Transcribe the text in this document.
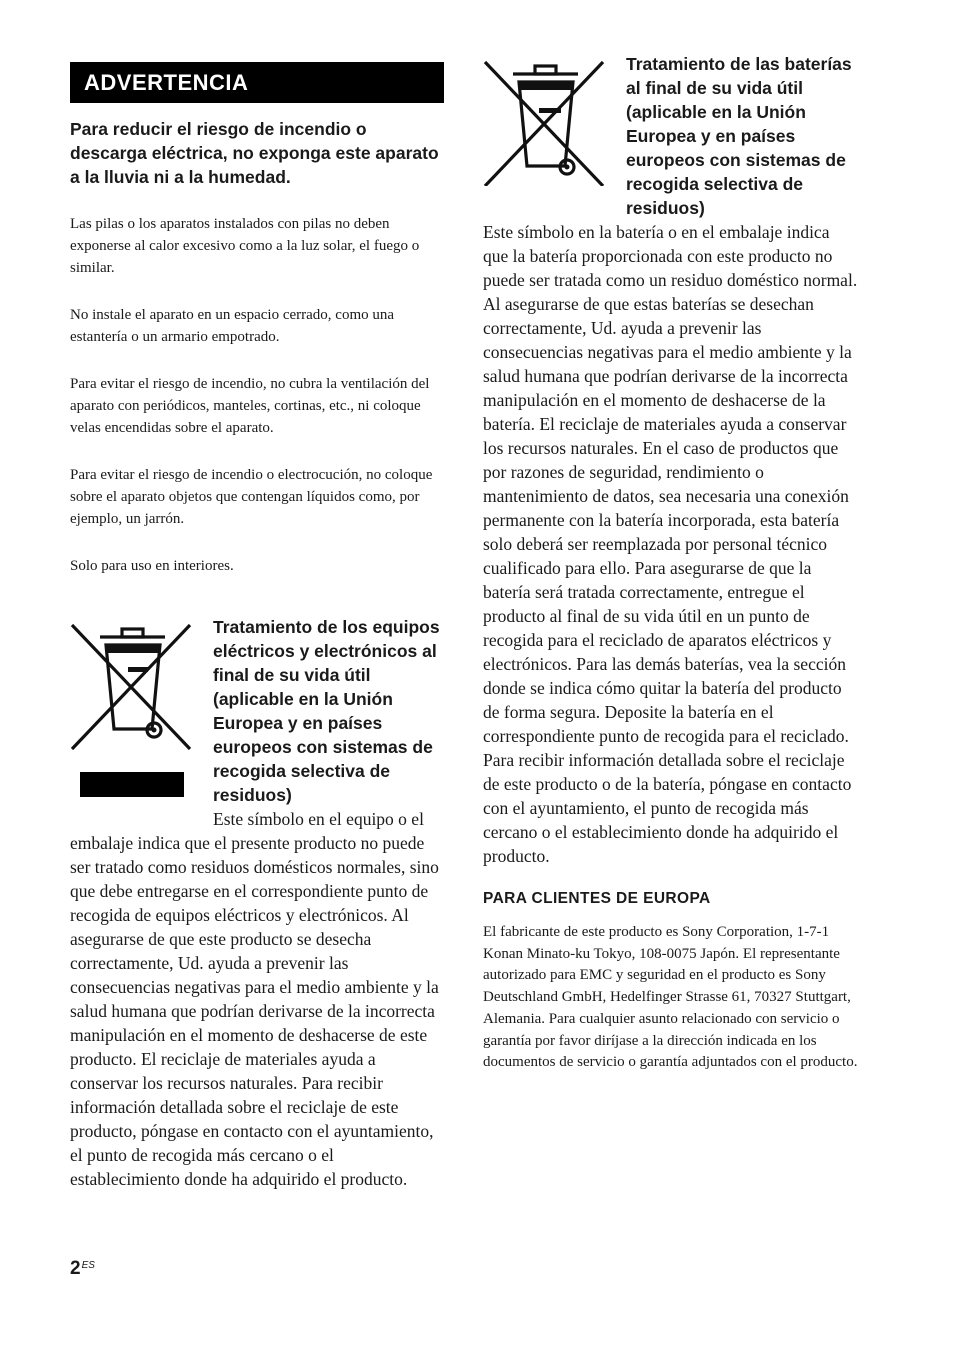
ADVERTENCIA
Para reducir el riesgo de incendio o descarga eléctrica, no exponga este aparato a la lluvia ni a la humedad.

Las pilas o los aparatos instalados con pilas no deben exponerse al calor excesivo como a la luz solar, el fuego o similar.

No instale el aparato en un espacio cerrado, como una estantería o un armario empotrado.

Para evitar el riesgo de incendio, no cubra la ventilación del aparato con periódicos, manteles, cortinas, etc., ni coloque velas encendidas sobre el aparato.

Para evitar el riesgo de incendio o electrocución, no coloque sobre el aparato objetos que contengan líquidos como, por ejemplo, un jarrón.

Solo para uso en interiores.

Tratamiento de los equipos eléctricos y electrónicos al final de su vida útil (aplicable en la Unión Europea y en países europeos con sistemas de recogida selectiva de residuos)

Este símbolo en el equipo o el embalaje indica que el presente producto no puede ser tratado como residuos domésticos normales, sino que debe entregarse en el correspondiente punto de recogida de equipos eléctricos y electrónicos. Al asegurarse de que este producto se desecha correctamente, Ud. ayuda a prevenir las consecuencias negativas para el medio ambiente y la salud humana que podrían derivarse de la incorrecta manipulación en el momento de deshacerse de este producto. El reciclaje de materiales ayuda a conservar los recursos naturales. Para recibir información detallada sobre el reciclaje de este producto, póngase en contacto con el ayuntamiento, el punto de recogida más cercano o el establecimiento donde ha adquirido el producto.

Tratamiento de las baterías al final de su vida útil (aplicable en la Unión Europea y en países europeos con sistemas de recogida selectiva de residuos)

Este símbolo en la batería o en el embalaje indica que la batería proporcionada con este producto no puede ser tratada como un residuo doméstico normal. Al asegurarse de que estas baterías se desechan correctamente, Ud. ayuda a prevenir las consecuencias negativas para el medio ambiente y la salud humana que podrían derivarse de la incorrecta manipulación en el momento de deshacerse de la batería. El reciclaje de materiales ayuda a conservar los recursos naturales. En el caso de productos que por razones de seguridad, rendimiento o mantenimiento de datos, sea necesaria una conexión permanente con la batería incorporada, esta batería solo deberá ser reemplazada por personal técnico cualificado para ello. Para asegurarse de que la batería será tratada correctamente, entregue el producto al final de su vida útil en un punto de recogida para el reciclado de aparatos eléctricos y electrónicos. Para las demás baterías, vea la sección donde se indica cómo quitar la batería del producto de forma segura. Deposite la batería en el correspondiente punto de recogida para el reciclado. Para recibir información detallada sobre el reciclaje de este producto o de la batería, póngase en contacto con el ayuntamiento, el punto de recogida más cercano o el establecimiento donde ha adquirido el producto.

PARA CLIENTES DE EUROPA

El fabricante de este producto es Sony Corporation, 1-7-1 Konan Minato-ku Tokyo, 108-0075 Japón. El representante autorizado para EMC y seguridad en el producto es Sony Deutschland GmbH, Hedelfinger Strasse 61, 70327 Stuttgart, Alemania. Para cualquier asunto relacionado con servicio o garantía por favor diríjase a la dirección indicada en los documentos de servicio o garantía adjuntados con el producto.

$2^{ES}$
